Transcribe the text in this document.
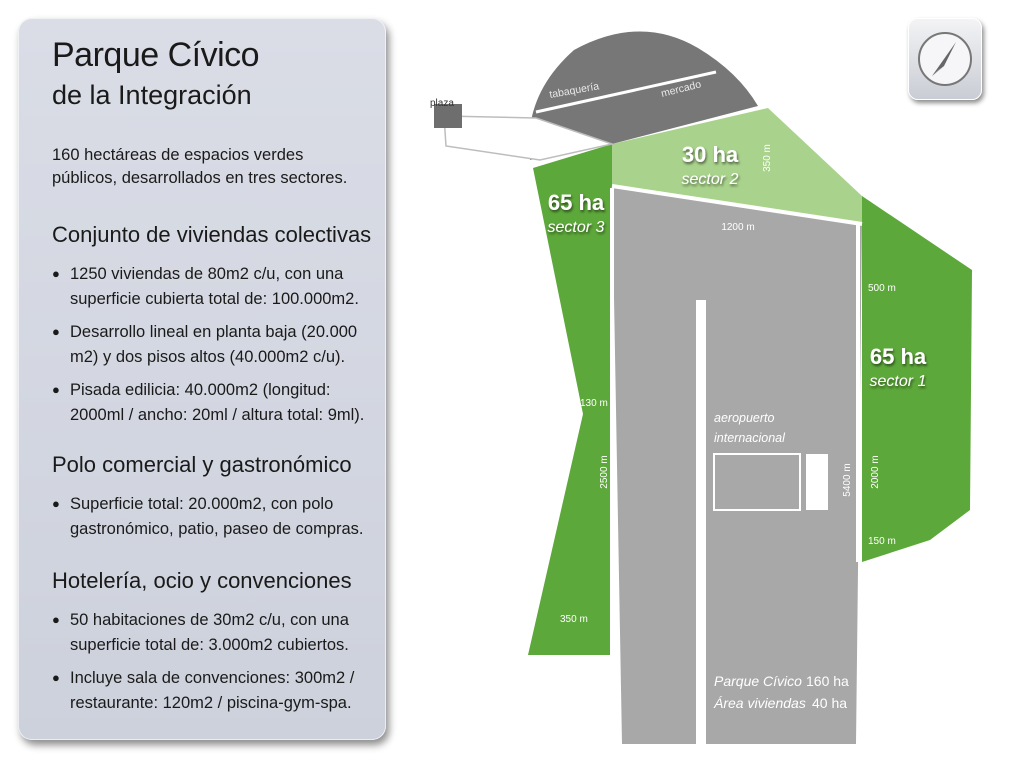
Parque Cívico
de la Integración
160 hectáreas de espacios verdes públicos, desarrollados en tres sectores.
Conjunto de viviendas colectivas
● 1250 viviendas de 80m2 c/u, con una superficie cubierta total de: 100.000m2.
● Desarrollo lineal en planta baja (20.000 m2) y dos pisos altos (40.000m2 c/u).
● Pisada edilicia: 40.000m2 (longitud: 2000ml / ancho: 20ml / altura total: 9ml).
Polo comercial y gastronómico
● Superficie total: 20.000m2, con polo gastronómico, patio, paseo de compras.
Hotelería, ocio y convenciones
● 50 habitaciones de 30m2 c/u, con una superficie total de: 3.000m2 cubiertos.
● Incluye sala de convenciones: 300m2 / restaurante: 120m2 / piscina-gym-spa.
plaza
tabaquería	mercado
30 ha
sector 2
350 m
65 ha
sector 3
65 ha
sector 1
1200 m
500 m
130 m
2500 m
350 m
5400 m 2000 m
150 m
aeropuerto
internacional
Parque Cívico 160 ha
Área viviendas 40 ha
